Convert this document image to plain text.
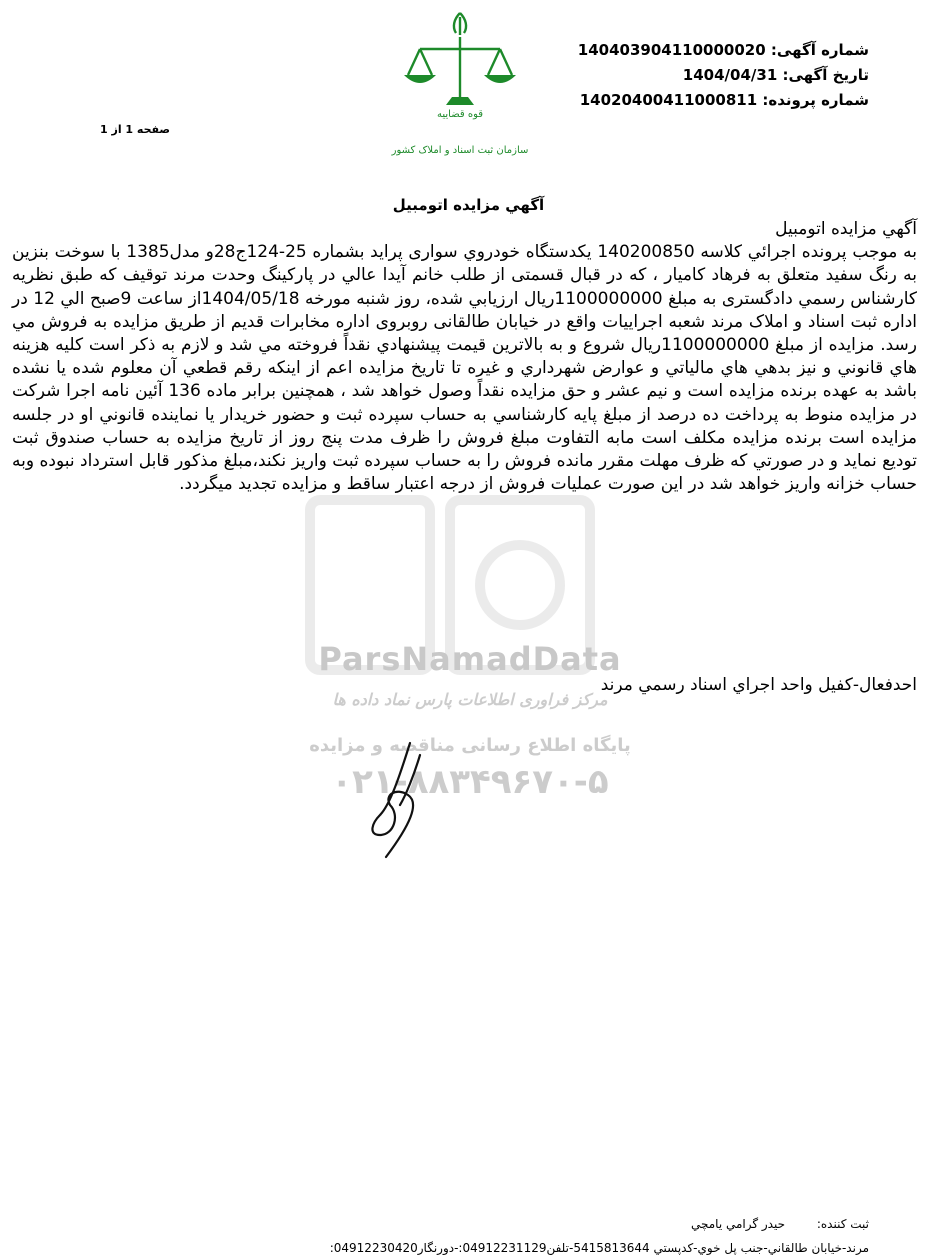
شماره آگهی: 140403904110000020
تاریخ آگهی: 1404/04/31
شماره پرونده: 14020400411000811
صفحه 1 از 1
قوه قضاييه
سازمان ثبت اسناد و املاک کشور
آگهي مزايده اتومبيل
ParsNamadData
مرکز فراوری اطلاعات پارس نماد داده ها
پایگاه اطلاع رسانی مناقصه و مزایده
۰۲۱-۸۸۳۴۹۶۷۰-۵

آگهي مزايده اتومبيل

به موجب پرونده اجرائي كلاسه 140200850 يكدستگاه خودروي سواری پرايد بشماره 25-124ج28و مدل1385 با سوخت بنزين به رنگ سفيد متعلق به فرهاد كامیار ، که در قبال قسمتی از طلب خانم آیدا عالي در پاركينگ وحدت مرند توقیف که طبق نظریه كارشناس رسمي دادگستری به مبلغ 1100000000ريال ارزيابي شده، روز شنبه مورخه 1404/05/18از ساعت 9صبح الي 12 در اداره ثبت اسناد و املاک مرند شعبه اجراييات واقع در خيابان طالقانی روبروی اداره مخابرات قديم از طريق مزايده به فروش مي رسد. مزايده از مبلغ 1100000000ريال شروع و به بالاترين قيمت پيشنهادي نقداً فروخته مي شد و لازم به ذكر است كليه هزينه هاي قانوني و نيز بدهي هاي مالياتي و عوارض شهرداري و غيره تا تاريخ مزايده اعم از اينكه رقم قطعي آن معلوم شده يا نشده باشد به عهده برنده مزايده است و نيم عشر و حق مزايده نقداً وصول خواهد شد ، همچنين برابر ماده 136 آئین نامه اجرا شرکت در مزایده منوط به پرداخت ده درصد از مبلغ پايه كارشناسي به حساب سپرده ثبت و حضور خريدار يا نماينده قانوني او در جلسه مزايده است برنده مزايده مكلف است مابه التفاوت مبلغ فروش را ظرف مدت پنج روز از تاريخ مزايده به حساب صندوق ثبت توديع نمايد و در صورتي كه ظرف مهلت مقرر مانده فروش را به حساب سپرده ثبت واريز نكند،مبلغ مذكور قابل استرداد نبوده وبه حساب خزانه واريز خواهد شد در اين صورت عمليات فروش از درجه اعتبار ساقط و مزايده تجديد ميگردد.

احدفعال-كفيل واحد اجراي اسناد رسمي مرند
ثبت كننده: حيدر گرامي يامچي
مرند-خيابان طالقاني-جنب پل خوي-كدپستي 5415813644-تلفن04912231129:-دورنگار04912230420:
